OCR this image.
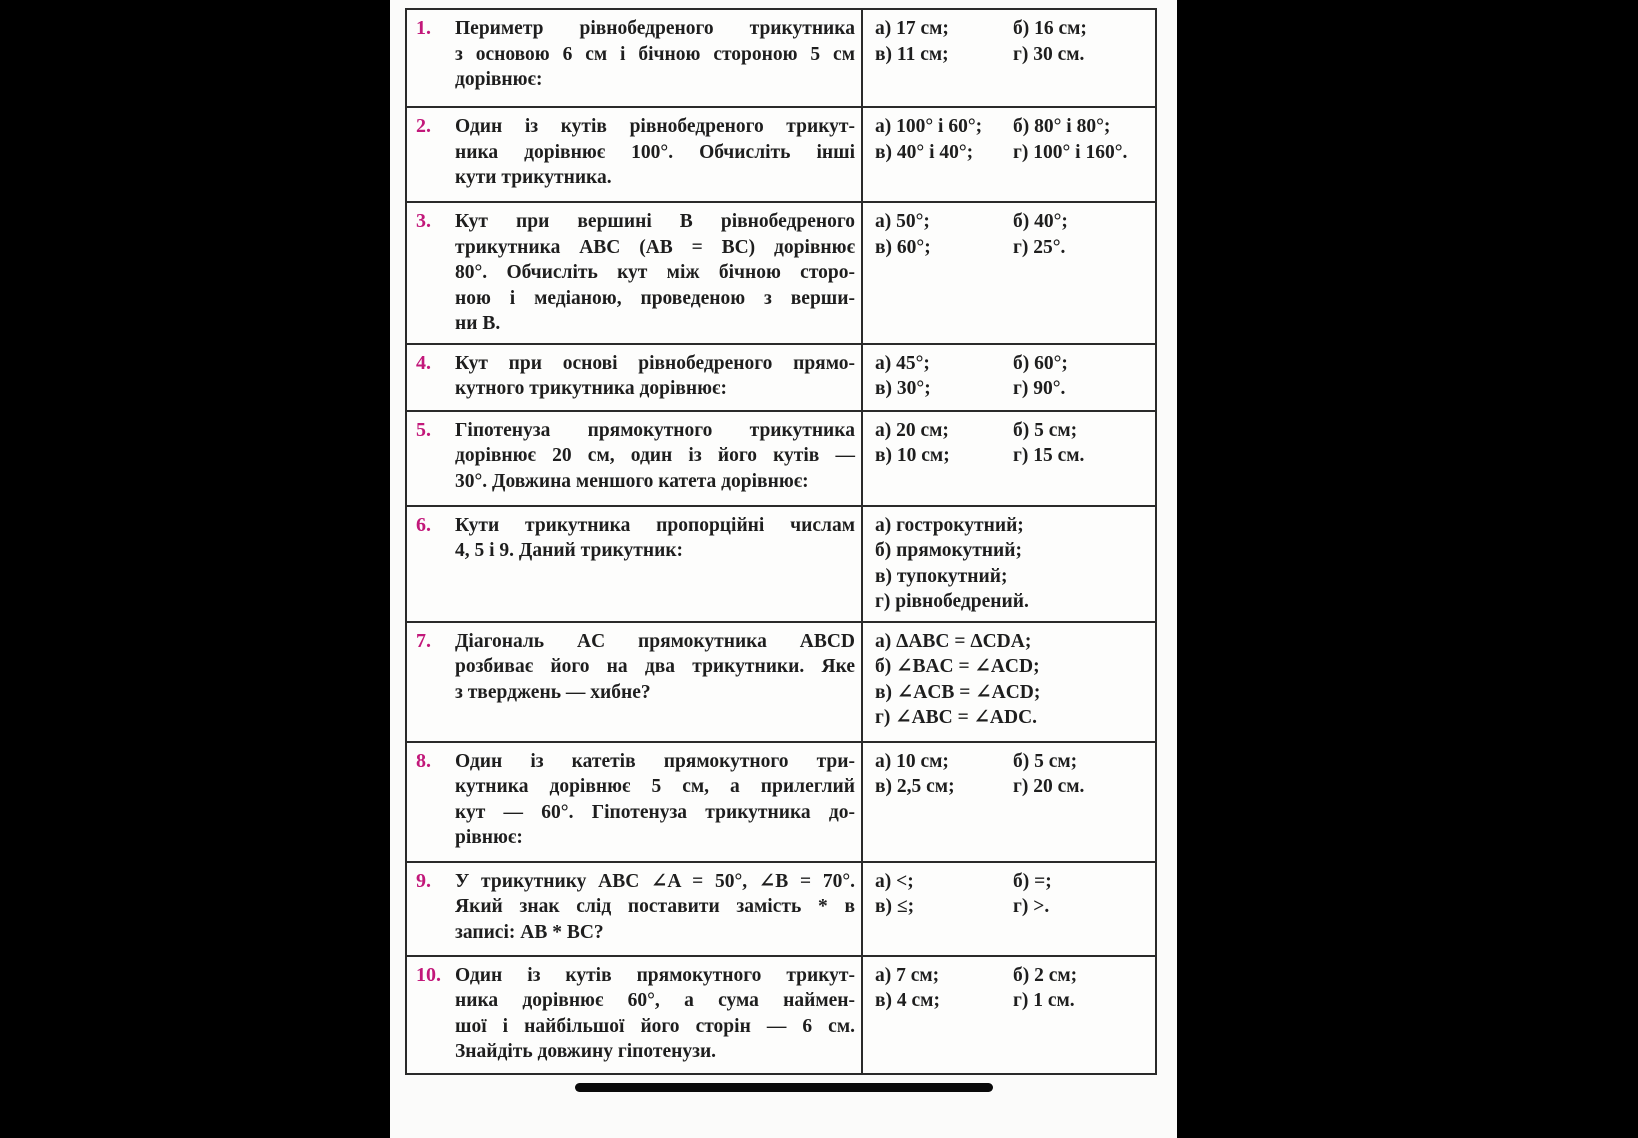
1. Периметр рівнобедреного трикутника
з основою 6 см і бічною стороною 5 см
дорівнює:
а) 17 см;	б) 16 см;
в) 11 см;	г) 30 см.
2. Один із кутів рівнобедреного трикут-
ника дорівнює 100°. Обчисліть інші
кути трикутника.
а) 100° і 60°;	б) 80° і 80°;
в) 40° і 40°;	г) 100° і 160°.
3. Кут при вершині B рівнобедреного
трикутника ABC (AB = BC) дорівнює
80°. Обчисліть кут між бічною сторо-
ною і медіаною, проведеною з верши-
ни B.
а) 50°;	б) 40°;
в) 60°;	г) 25°.
4. Кут при основі рівнобедреного прямо-
кутного трикутника дорівнює:
а) 45°;	б) 60°;
в) 30°;	г) 90°.
5. Гіпотенуза прямокутного трикутника
дорівнює 20 см, один із його кутів —
30°. Довжина меншого катета дорівнює:
а) 20 см;	б) 5 см;
в) 10 см;	г) 15 см.
6. Кути трикутника пропорційні числам
4, 5 і 9. Даний трикутник:
а) гострокутний;
б) прямокутний;
в) тупокутний;
г) рівнобедрений.
7. Діагональ AC прямокутника ABCD
розбиває його на два трикутники. Яке
з тверджень — хибне?
а) ΔABC = ΔCDA;
б) ∠BAC = ∠ACD;
в) ∠ACB = ∠ACD;
г) ∠ABC = ∠ADC.
8. Один із катетів прямокутного три-
кутника дорівнює 5 см, а прилеглий
кут — 60°. Гіпотенуза трикутника до-
рівнює:
а) 10 см;	б) 5 см;
в) 2,5 см;	г) 20 см.
9. У трикутнику ABC ∠A = 50°, ∠B = 70°.
Який знак слід поставити замість * в
записі: AB * BC?
а) <;	б) =;
в) ≤;	г) >.
10. Один із кутів прямокутного трикут-
ника дорівнює 60°, а сума наймен-
шої і найбільшої його сторін — 6 см.
Знайдіть довжину гіпотенузи.
а) 7 см;	б) 2 см;
в) 4 см;	г) 1 см.
